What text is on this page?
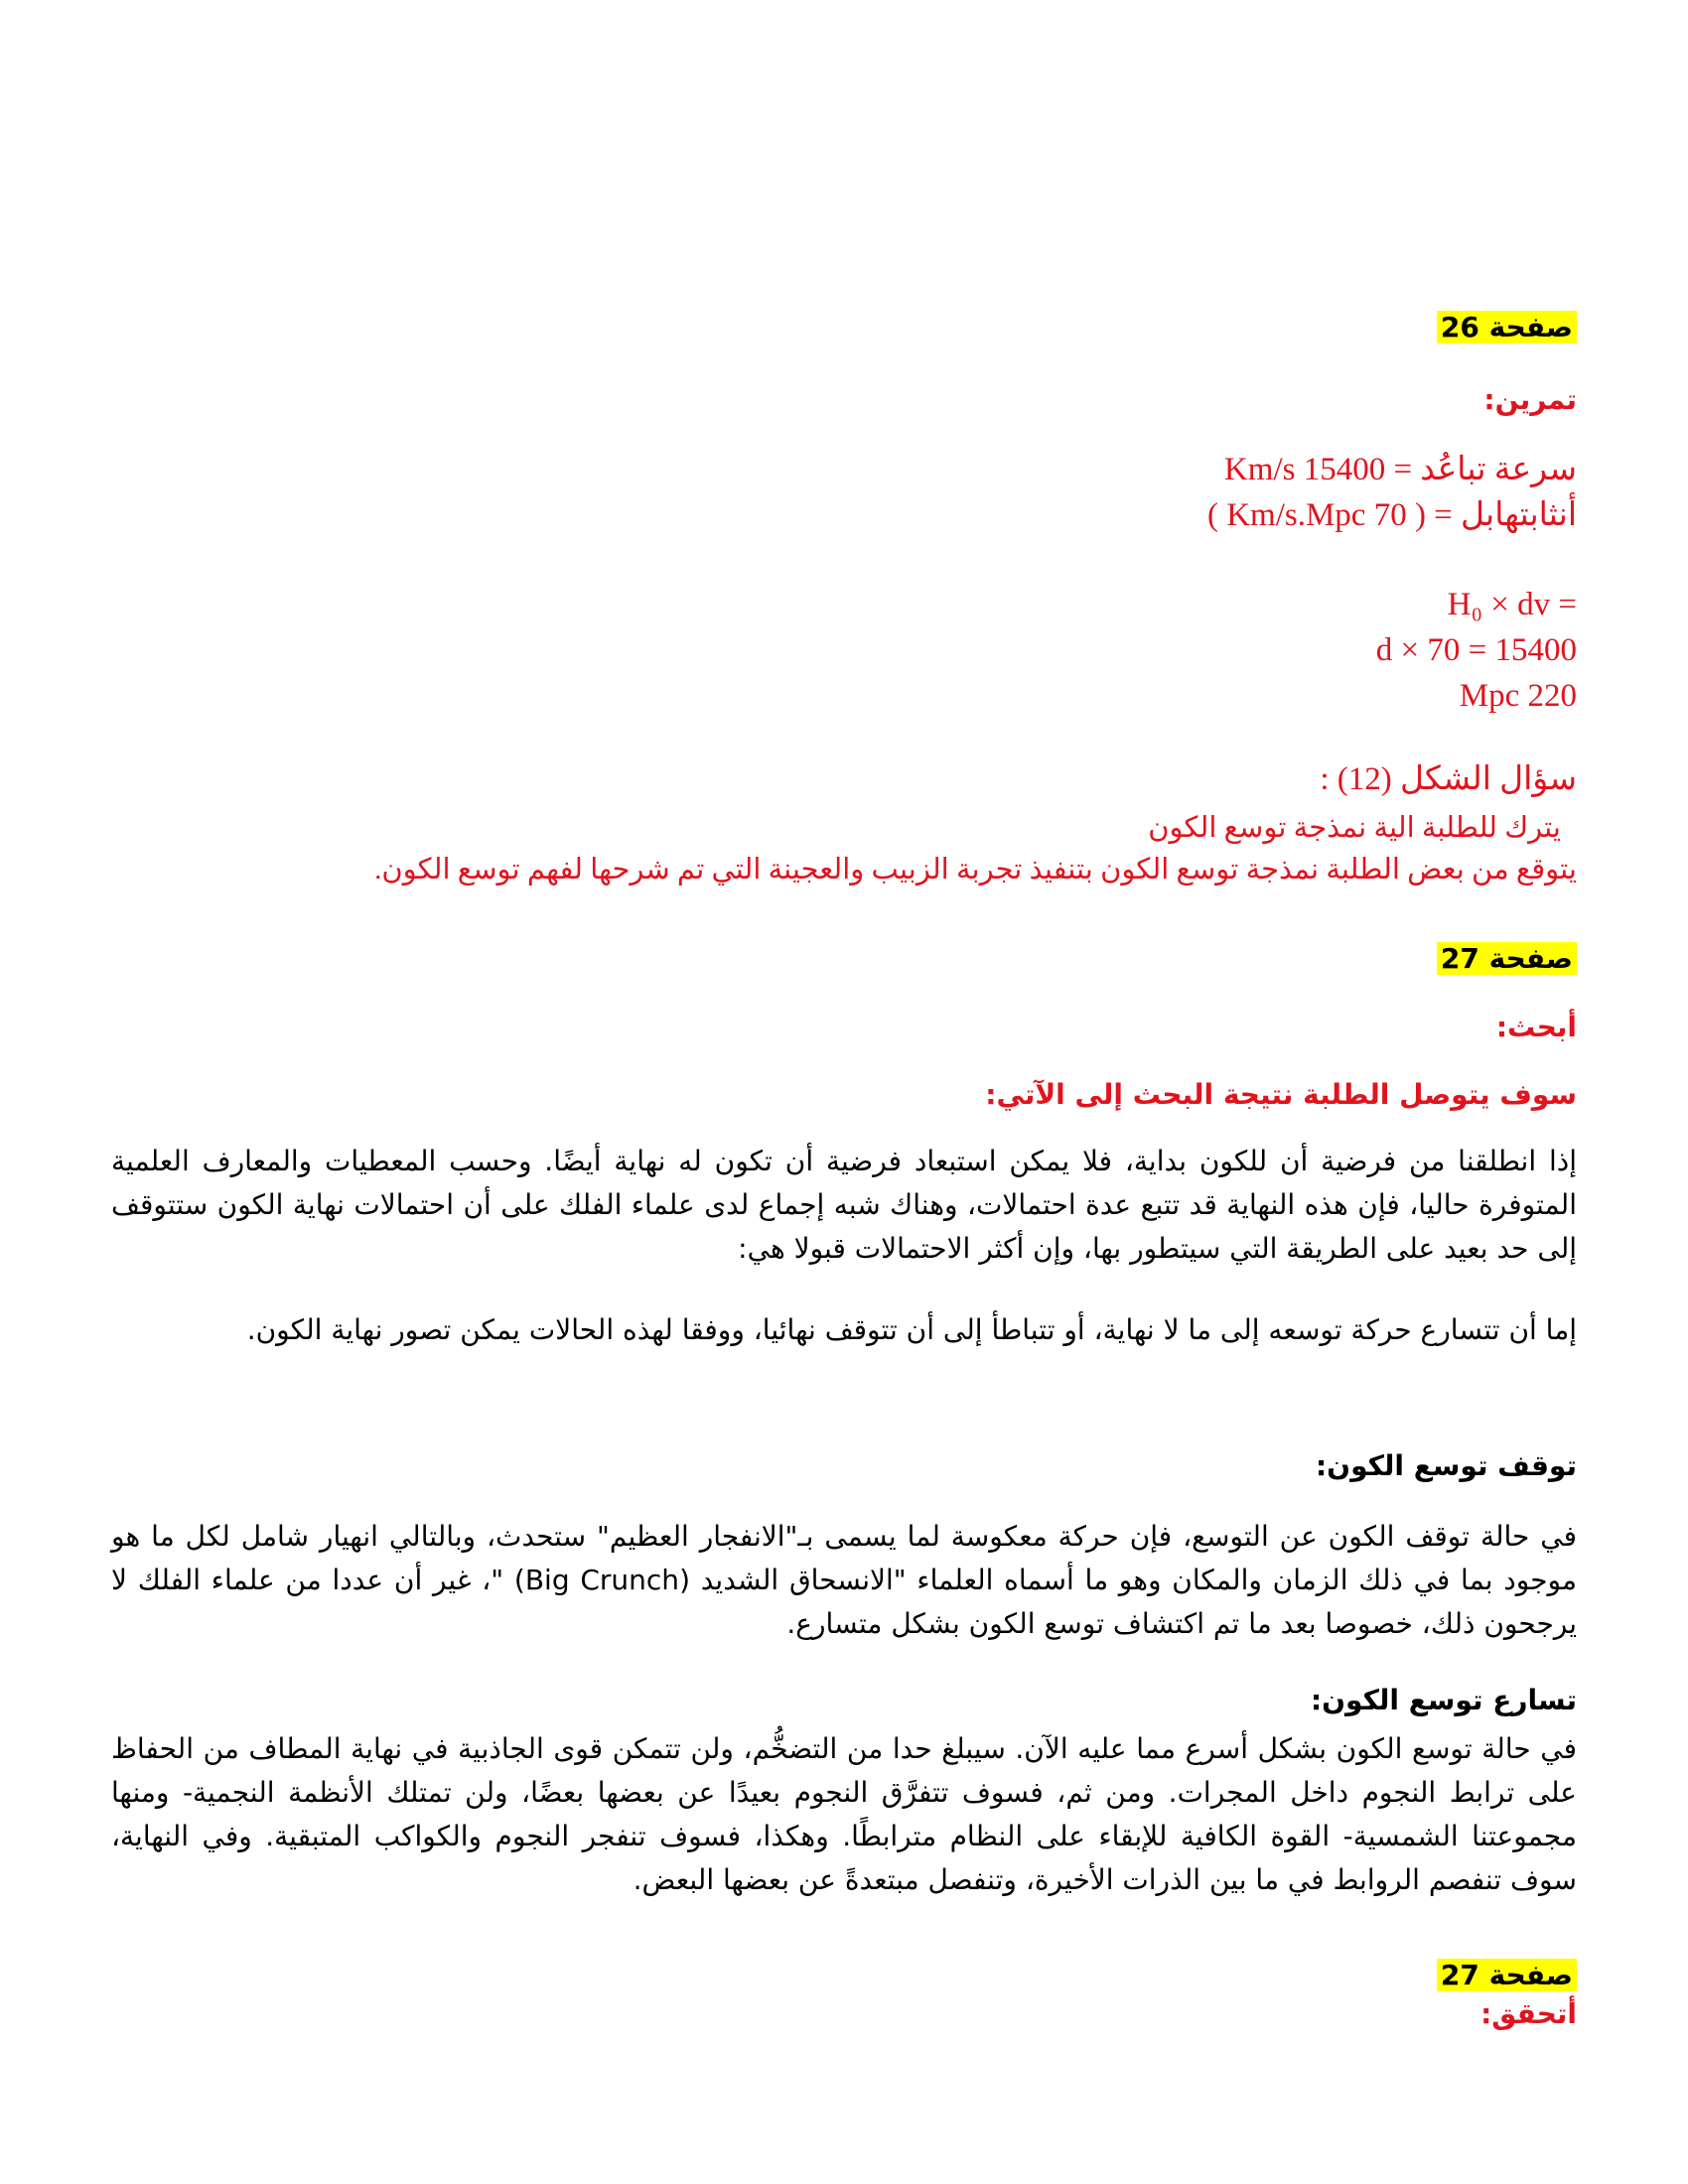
صفحة 26
تمرين:
سرعة تباعُد = 15400 Km/s
أنثابتهابل = ( 70 Km/s.Mpc )
= H₀ × dv
15400 = 70 × d
220 Mpc
سؤال الشكل (12) :
يترك للطلبة الية نمذجة توسع الكون
يتوقع من بعض الطلبة نمذجة توسع الكون بتنفيذ تجربة الزبيب والعجينة التي تم شرحها لفهم توسع الكون.
صفحة 27
أبحث:
سوف يتوصل الطلبة نتيجة البحث إلى الآتي:
إذا انطلقنا من فرضية أن للكون بداية، فلا يمكن استبعاد فرضية أن تكون له نهاية أيضًا. وحسب المعطيات والمعارف العلمية المتوفرة حاليا، فإن هذه النهاية قد تتبع عدة احتمالات، وهناك شبه إجماع لدى علماء الفلك على أن احتمالات نهاية الكون ستتوقف إلى حد بعيد على الطريقة التي سيتطور بها، وإن أكثر الاحتمالات قبولا هي:
إما أن تتسارع حركة توسعه إلى ما لا نهاية، أو تتباطأ إلى أن تتوقف نهائيا، ووفقا لهذه الحالات يمكن تصور نهاية الكون.
توقف توسع الكون:
في حالة توقف الكون عن التوسع، فإن حركة معكوسة لما يسمى بـ"الانفجار العظيم" ستحدث، وبالتالي انهيار شامل لكل ما هو موجود بما في ذلك الزمان والمكان وهو ما أسماه العلماء "الانسحاق الشديد (Big Crunch) "، غير أن عددا من علماء الفلك لا يرجحون ذلك، خصوصا بعد ما تم اكتشاف توسع الكون بشكل متسارع.
تسارع توسع الكون:
في حالة توسع الكون بشكل أسرع مما عليه الآن. سيبلغ حدا من التضخُّم، ولن تتمكن قوى الجاذبية في نهاية المطاف من الحفاظ على ترابط النجوم داخل المجرات. ومن ثم، فسوف تتفرَّق النجوم بعيدًا عن بعضها بعضًا، ولن تمتلك الأنظمة النجمية- ومنها مجموعتنا الشمسية- القوة الكافية للإبقاء على النظام مترابطًا. وهكذا، فسوف تنفجر النجوم والكواكب المتبقية. وفي النهاية، سوف تنفصم الروابط في ما بين الذرات الأخيرة، وتنفصل مبتعدةً عن بعضها البعض.
صفحة 27
أتحقق:
